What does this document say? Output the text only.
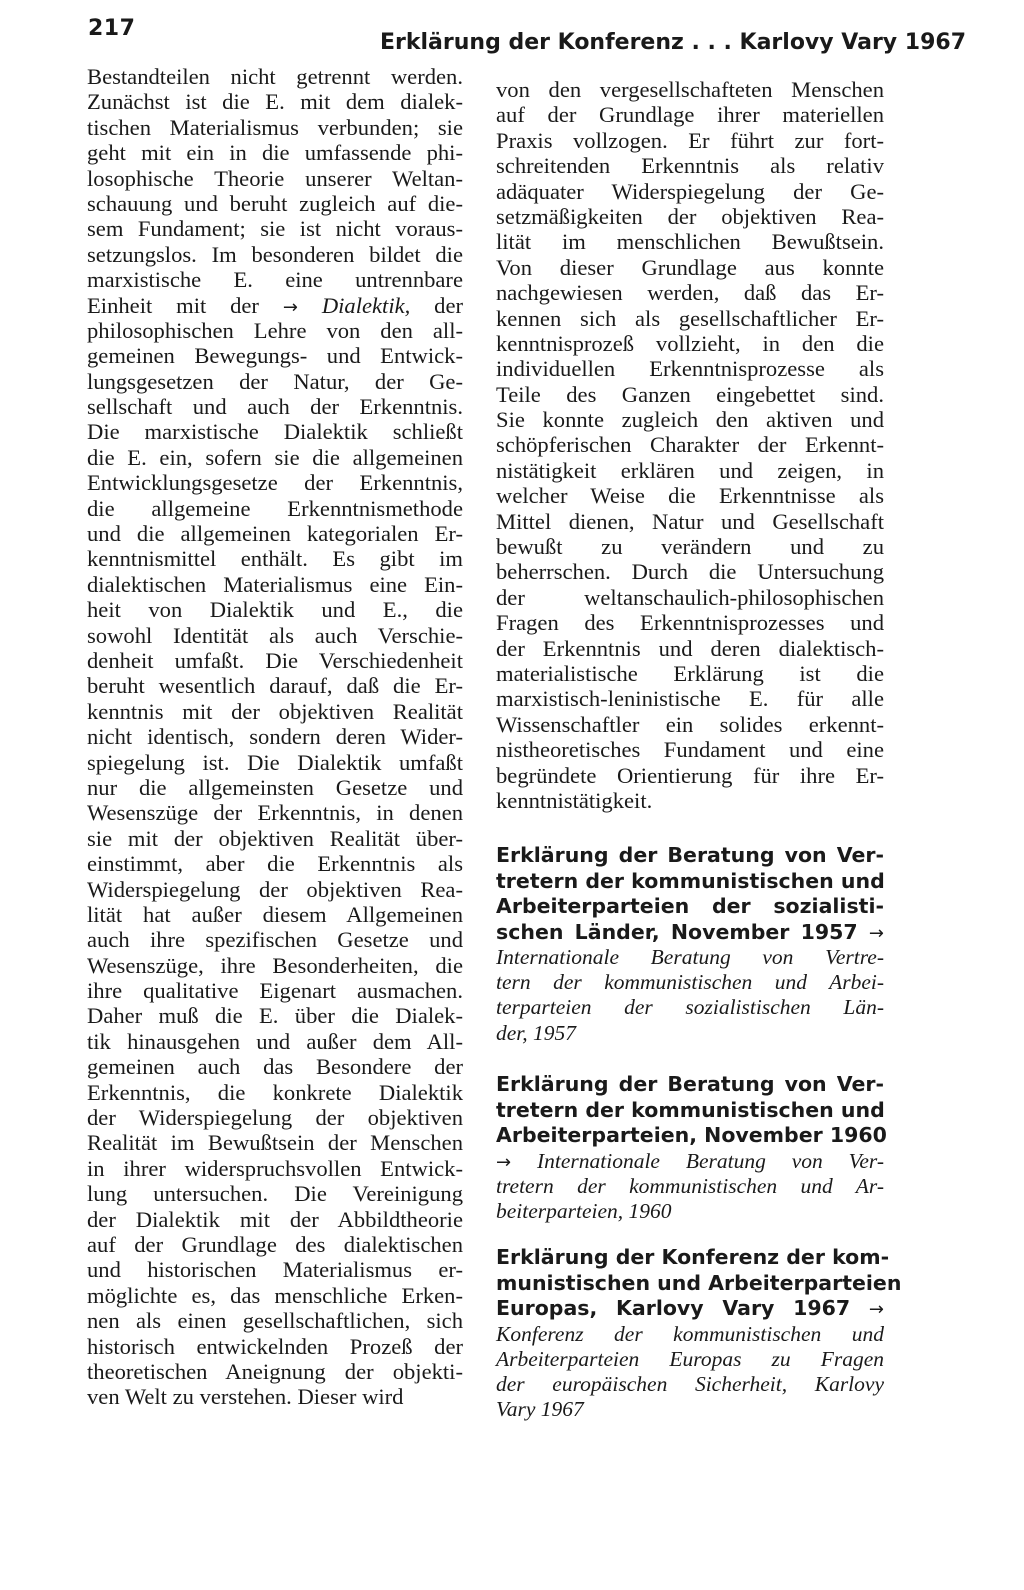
217
Erklärung der Konferenz . . . Karlovy Vary 1967
Bestandteilen nicht getrennt werden.
Zunächst ist die E. mit dem dialek-
tischen Materialismus verbunden; sie
geht mit ein in die umfassende phi-
losophische Theorie unserer Weltan-
schauung und beruht zugleich auf die-
sem Fundament; sie ist nicht voraus-
setzungslos. Im besonderen bildet die
marxistische E. eine untrennbare
Einheit mit der → Dialektik, der
philosophischen Lehre von den all-
gemeinen Bewegungs- und Entwick-
lungsgesetzen der Natur, der Ge-
sellschaft und auch der Erkenntnis.
Die marxistische Dialektik schließt
die E. ein, sofern sie die allgemeinen
Entwicklungsgesetze der Erkenntnis,
die allgemeine Erkenntnismethode
und die allgemeinen kategorialen Er-
kenntnismittel enthält. Es gibt im
dialektischen Materialismus eine Ein-
heit von Dialektik und E., die
sowohl Identität als auch Verschie-
denheit umfaßt. Die Verschiedenheit
beruht wesentlich darauf, daß die Er-
kenntnis mit der objektiven Realität
nicht identisch, sondern deren Wider-
spiegelung ist. Die Dialektik umfaßt
nur die allgemeinsten Gesetze und
Wesenszüge der Erkenntnis, in denen
sie mit der objektiven Realität über-
einstimmt, aber die Erkenntnis als
Widerspiegelung der objektiven Rea-
lität hat außer diesem Allgemeinen
auch ihre spezifischen Gesetze und
Wesenszüge, ihre Besonderheiten, die
ihre qualitative Eigenart ausmachen.
Daher muß die E. über die Dialek-
tik hinausgehen und außer dem All-
gemeinen auch das Besondere der
Erkenntnis, die konkrete Dialektik
der Widerspiegelung der objektiven
Realität im Bewußtsein der Menschen
in ihrer widerspruchsvollen Entwick-
lung untersuchen. Die Vereinigung
der Dialektik mit der Abbildtheorie
auf der Grundlage des dialektischen
und historischen Materialismus er-
möglichte es, das menschliche Erken-
nen als einen gesellschaftlichen, sich
historisch entwickelnden Prozeß der
theoretischen Aneignung der objekti-
ven Welt zu verstehen. Dieser wird
von den vergesellschafteten Menschen
auf der Grundlage ihrer materiellen
Praxis vollzogen. Er führt zur fort-
schreitenden Erkenntnis als relativ
adäquater Widerspiegelung der Ge-
setzmäßigkeiten der objektiven Rea-
lität im menschlichen Bewußtsein.
Von dieser Grundlage aus konnte
nachgewiesen werden, daß das Er-
kennen sich als gesellschaftlicher Er-
kenntnisprozeß vollzieht, in den die
individuellen Erkenntnisprozesse als
Teile des Ganzen eingebettet sind.
Sie konnte zugleich den aktiven und
schöpferischen Charakter der Erkennt-
nistätigkeit erklären und zeigen, in
welcher Weise die Erkenntnisse als
Mittel dienen, Natur und Gesellschaft
bewußt zu verändern und zu
beherrschen. Durch die Untersuchung
der weltanschaulich-philosophischen
Fragen des Erkenntnisprozesses und
der Erkenntnis und deren dialektisch-
materialistische Erklärung ist die
marxistisch-leninistische E. für alle
Wissenschaftler ein solides erkennt-
nistheoretisches Fundament und eine
begründete Orientierung für ihre Er-
kenntnistätigkeit.
Erklärung der Beratung von Ver-
tretern der kommunistischen und
Arbeiterparteien der sozialisti-
schen Länder, November 1957 →
Internationale Beratung von Vertre-
tern der kommunistischen und Arbei-
terparteien der sozialistischen Län-
der, 1957
Erklärung der Beratung von Ver-
tretern der kommunistischen und
Arbeiterparteien, November 1960
→ Internationale Beratung von Ver-
tretern der kommunistischen und Ar-
beiterparteien, 1960
Erklärung der Konferenz der kom-
munistischen und Arbeiterparteien
Europas, Karlovy Vary 1967 →
Konferenz der kommunistischen und
Arbeiterparteien Europas zu Fragen
der europäischen Sicherheit, Karlovy
Vary 1967
